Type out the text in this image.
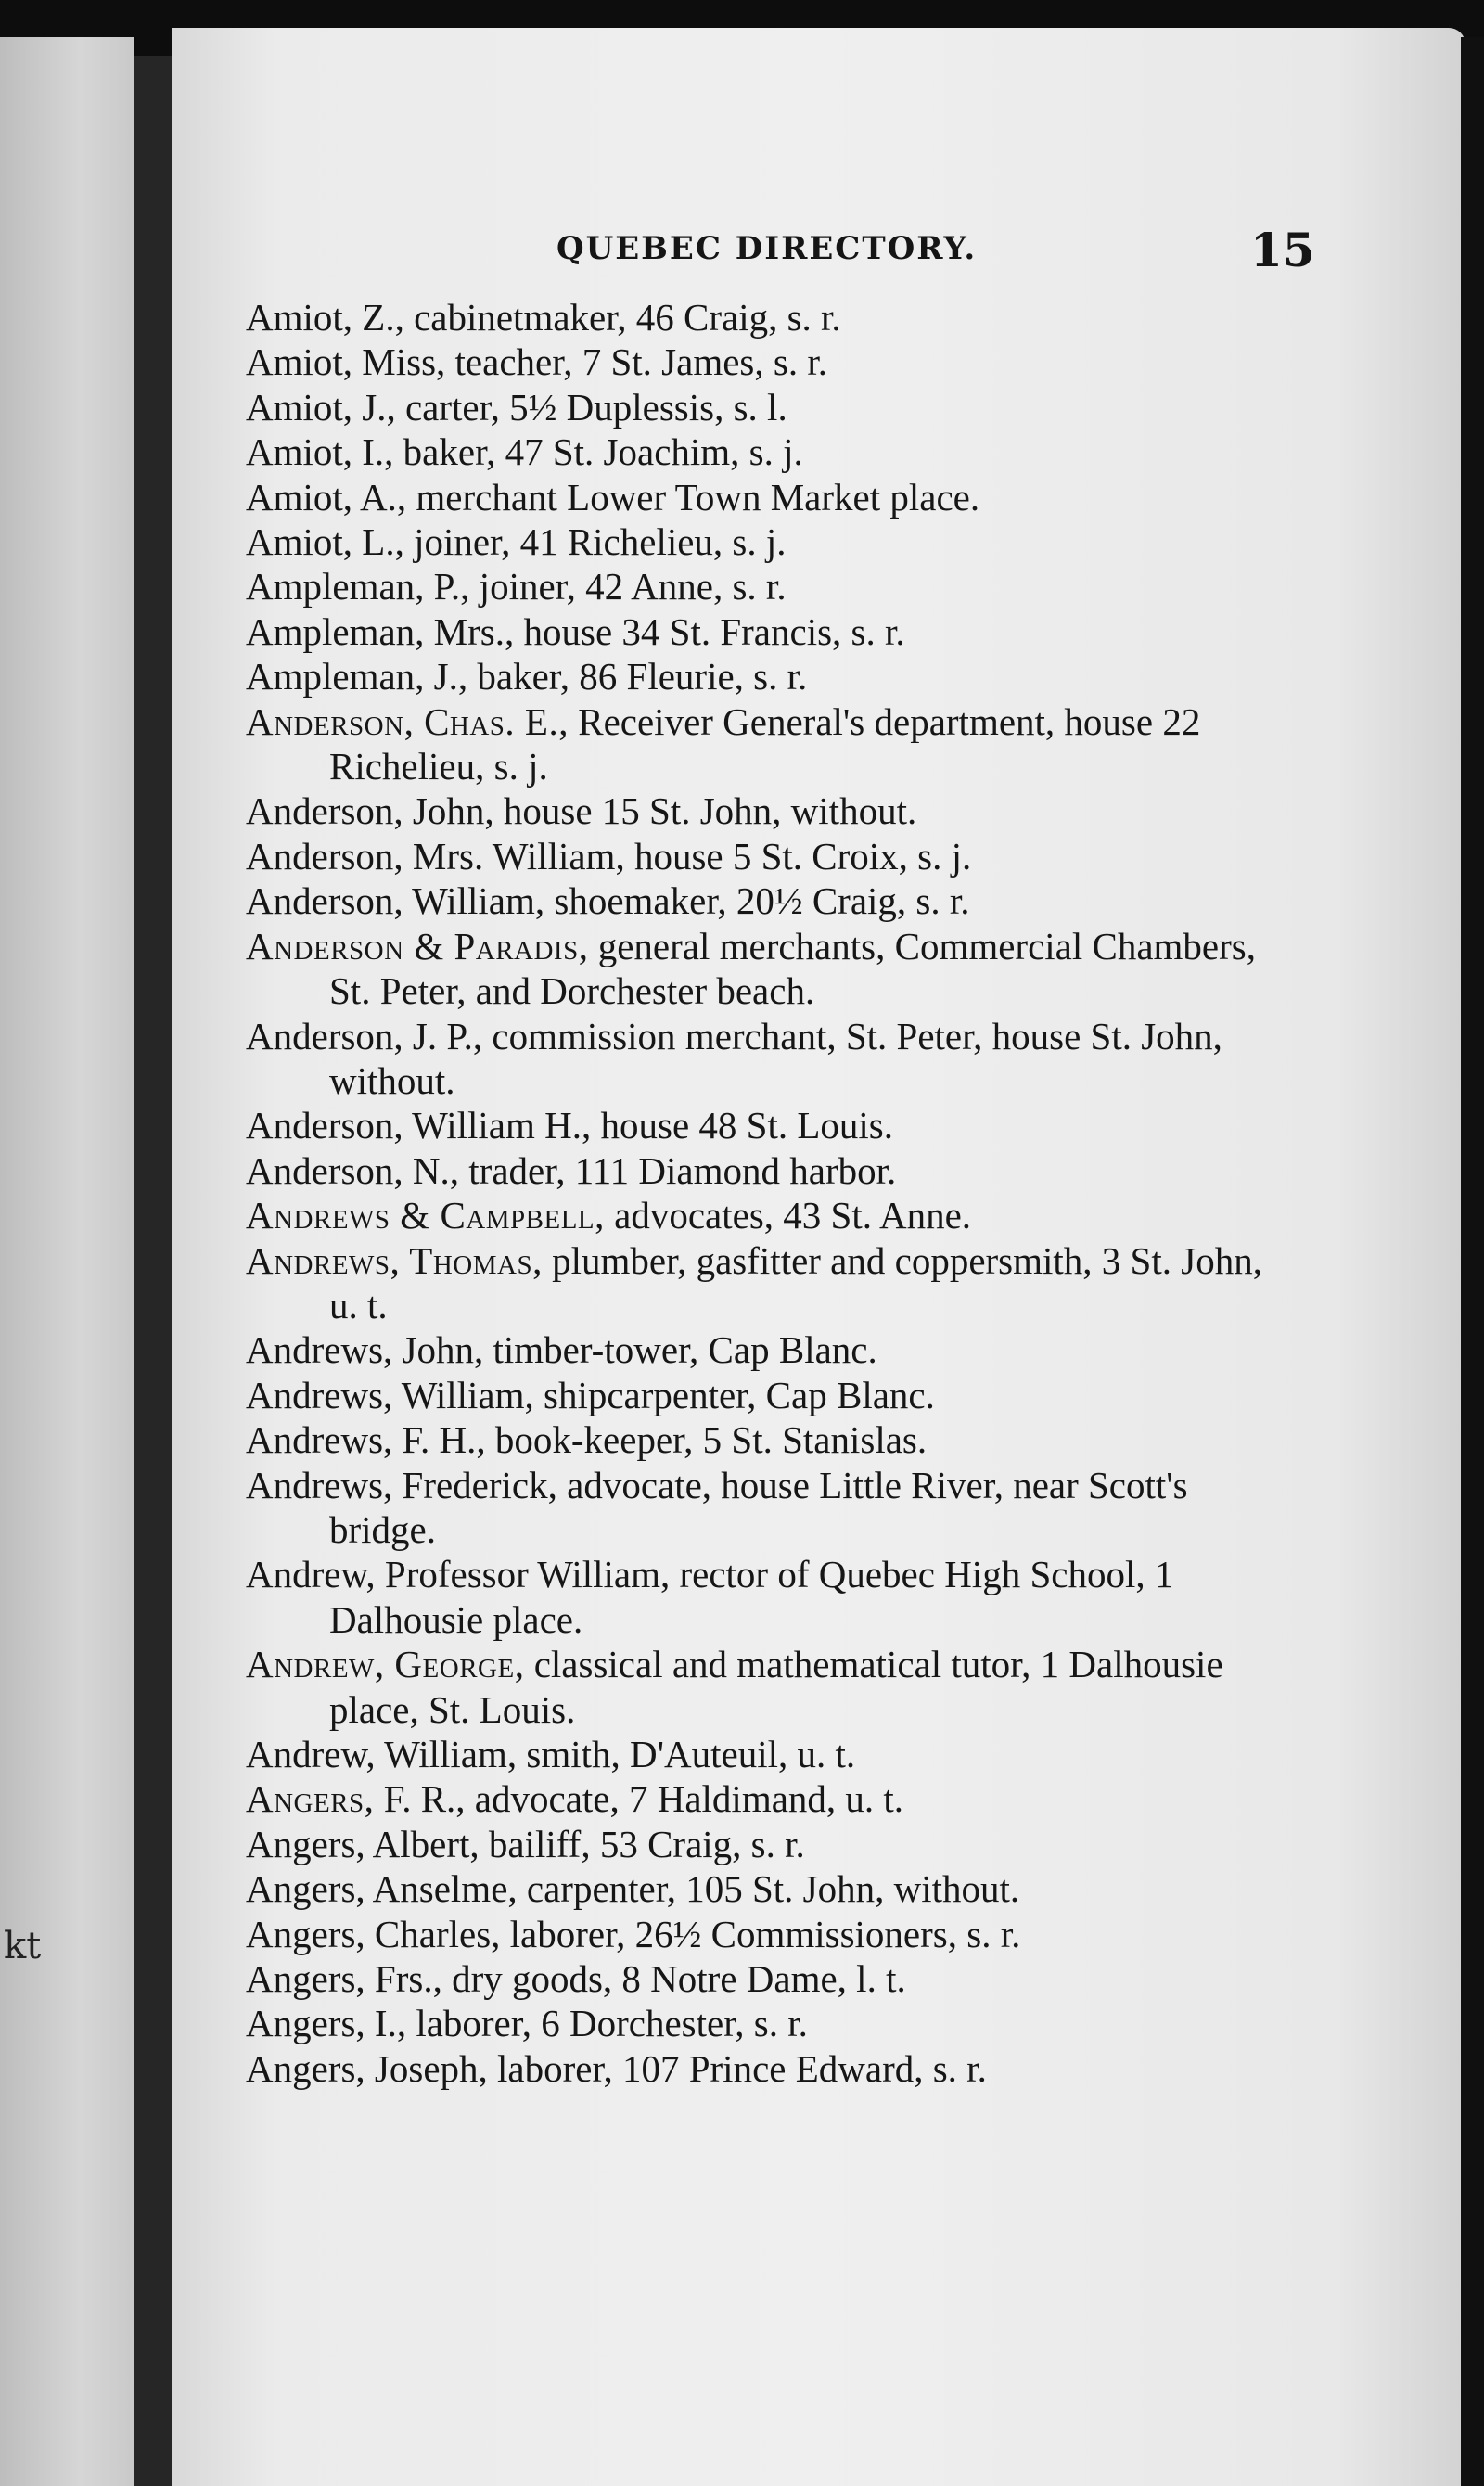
kt
QUEBEC DIRECTORY.	15

Amiot, Z., cabinetmaker, 46 Craig, s. r.

Amiot, Miss, teacher, 7 St. James, s. r.

Amiot, J., carter, 5½ Duplessis, s. l.

Amiot, I., baker, 47 St. Joachim, s. j.

Amiot, A., merchant Lower Town Market place.

Amiot, L., joiner, 41 Richelieu, s. j.

Ampleman, P., joiner, 42 Anne, s. r.

Ampleman, Mrs., house 34 St. Francis, s. r.

Ampleman, J., baker, 86 Fleurie, s. r.

Anderson, Chas. E., Receiver General's department, house 22 Richelieu, s. j.

Anderson, John, house 15 St. John, without.

Anderson, Mrs. William, house 5 St. Croix, s. j.

Anderson, William, shoemaker, 20½ Craig, s. r.

Anderson & Paradis, general merchants, Commercial Chambers, St. Peter, and Dorchester beach.

Anderson, J. P., commission merchant, St. Peter, house St. John, without.

Anderson, William H., house 48 St. Louis.

Anderson, N., trader, 111 Diamond harbor.

Andrews & Campbell, advocates, 43 St. Anne.

Andrews, Thomas, plumber, gasfitter and coppersmith, 3 St. John, u. t.

Andrews, John, timber-tower, Cap Blanc.

Andrews, William, shipcarpenter, Cap Blanc.

Andrews, F. H., book-keeper, 5 St. Stanislas.

Andrews, Frederick, advocate, house Little River, near Scott's bridge.

Andrew, Professor William, rector of Quebec High School, 1 Dalhousie place.

Andrew, George, classical and mathematical tutor, 1 Dalhousie place, St. Louis.

Andrew, William, smith, D'Auteuil, u. t.

Angers, F. R., advocate, 7 Haldimand, u. t.

Angers, Albert, bailiff, 53 Craig, s. r.

Angers, Anselme, carpenter, 105 St. John, without.

Angers, Charles, laborer, 26½ Commissioners, s. r.

Angers, Frs., dry goods, 8 Notre Dame, l. t.

Angers, I., laborer, 6 Dorchester, s. r.

Angers, Joseph, laborer, 107 Prince Edward, s. r.
